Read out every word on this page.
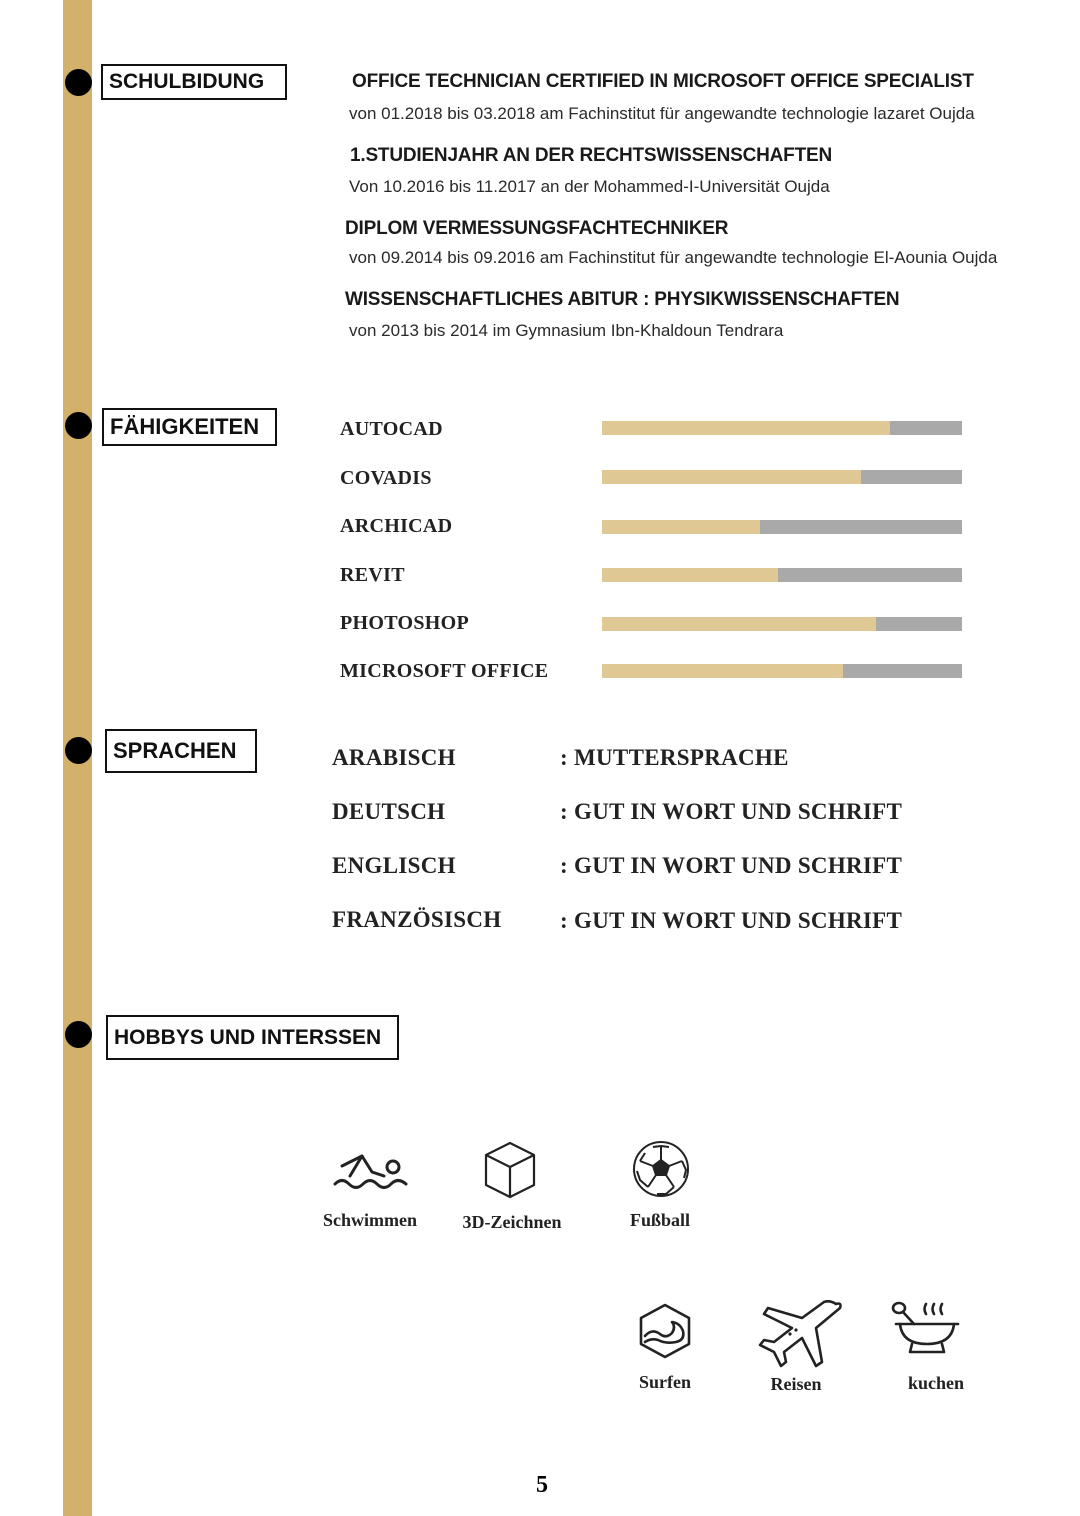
SCHULBIDUNG
FÄHIGKEITEN
SPRACHEN
HOBBYS UND INTERSSEN
OFFICE TECHNICIAN CERTIFIED IN MICROSOFT OFFICE SPECIALIST
von 01.2018 bis 03.2018 am Fachinstitut für angewandte technologie lazaret Oujda
1.STUDIENJAHR AN DER RECHTSWISSENSCHAFTEN
Von 10.2016 bis 11.2017 an der Mohammed-I-Universität Oujda
DIPLOM VERMESSUNGSFACHTECHNIKER
von 09.2014 bis 09.2016 am Fachinstitut für angewandte technologie El-Aounia Oujda
WISSENSCHAFTLICHES ABITUR : PHYSIKWISSENSCHAFTEN
von 2013 bis 2014 im Gymnasium Ibn-Khaldoun Tendrara
AUTOCAD
COVADIS
ARCHICAD
REVIT
PHOTOSHOP
MICROSOFT OFFICE
ARABISCH	: MUTTERSPRACHE
DEUTSCH	: GUT IN WORT UND SCHRIFT
ENGLISCH	: GUT IN WORT UND SCHRIFT
FRANZÖSISCH	: GUT IN WORT UND SCHRIFT
Schwimmen	3D-Zeichnen	Fußball
Surfen	Reisen	kuchen
5
